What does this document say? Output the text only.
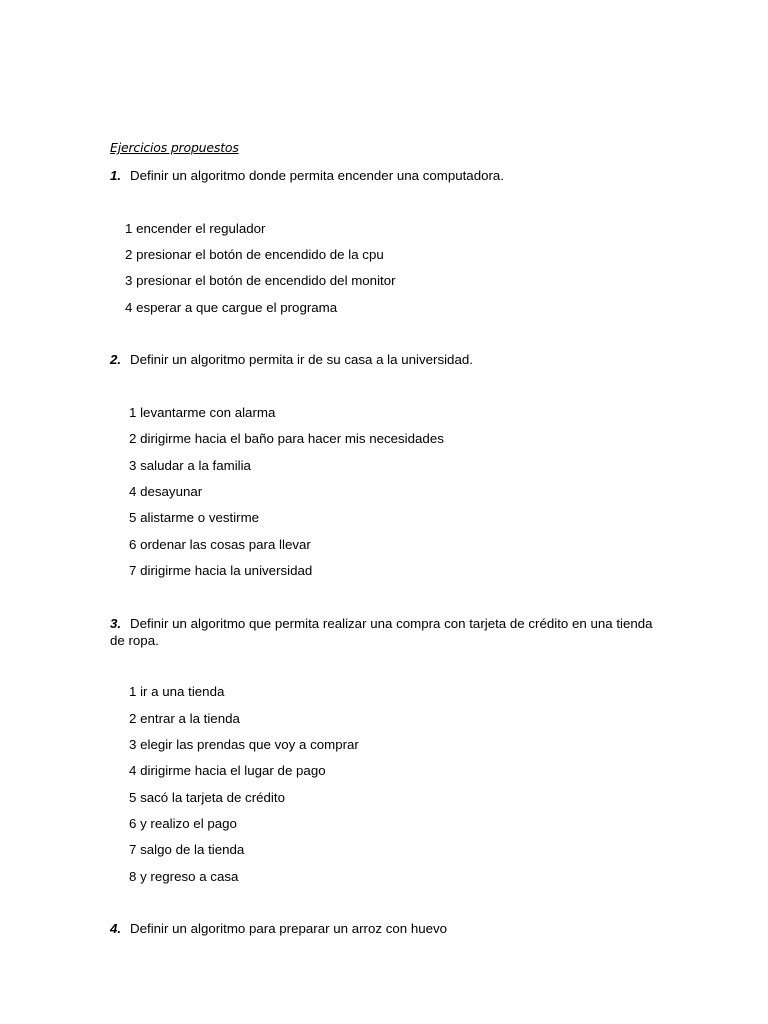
Ejercicios propuestos
1. Definir un algoritmo donde permita encender una computadora.
1 encender el regulador
2 presionar el botón de encendido de la cpu
3 presionar el botón de encendido del monitor
4 esperar a que cargue el programa
2. Definir un algoritmo permita ir de su casa a la universidad.
1 levantarme con alarma
2 dirigirme hacia el baño para hacer mis necesidades
3 saludar a la familia
4 desayunar
5 alistarme o vestirme
6 ordenar las cosas para llevar
7 dirigirme hacia la universidad
3. Definir un algoritmo que permita realizar una compra con tarjeta de crédito en una tienda de ropa.
1 ir a una tienda
2 entrar a la tienda
3 elegir las prendas que voy a comprar
4 dirigirme hacia el lugar de pago
5 sacó la tarjeta de crédito
6 y realizo el pago
7 salgo de la tienda
8 y regreso a casa
4. Definir un algoritmo para preparar un arroz con huevo
